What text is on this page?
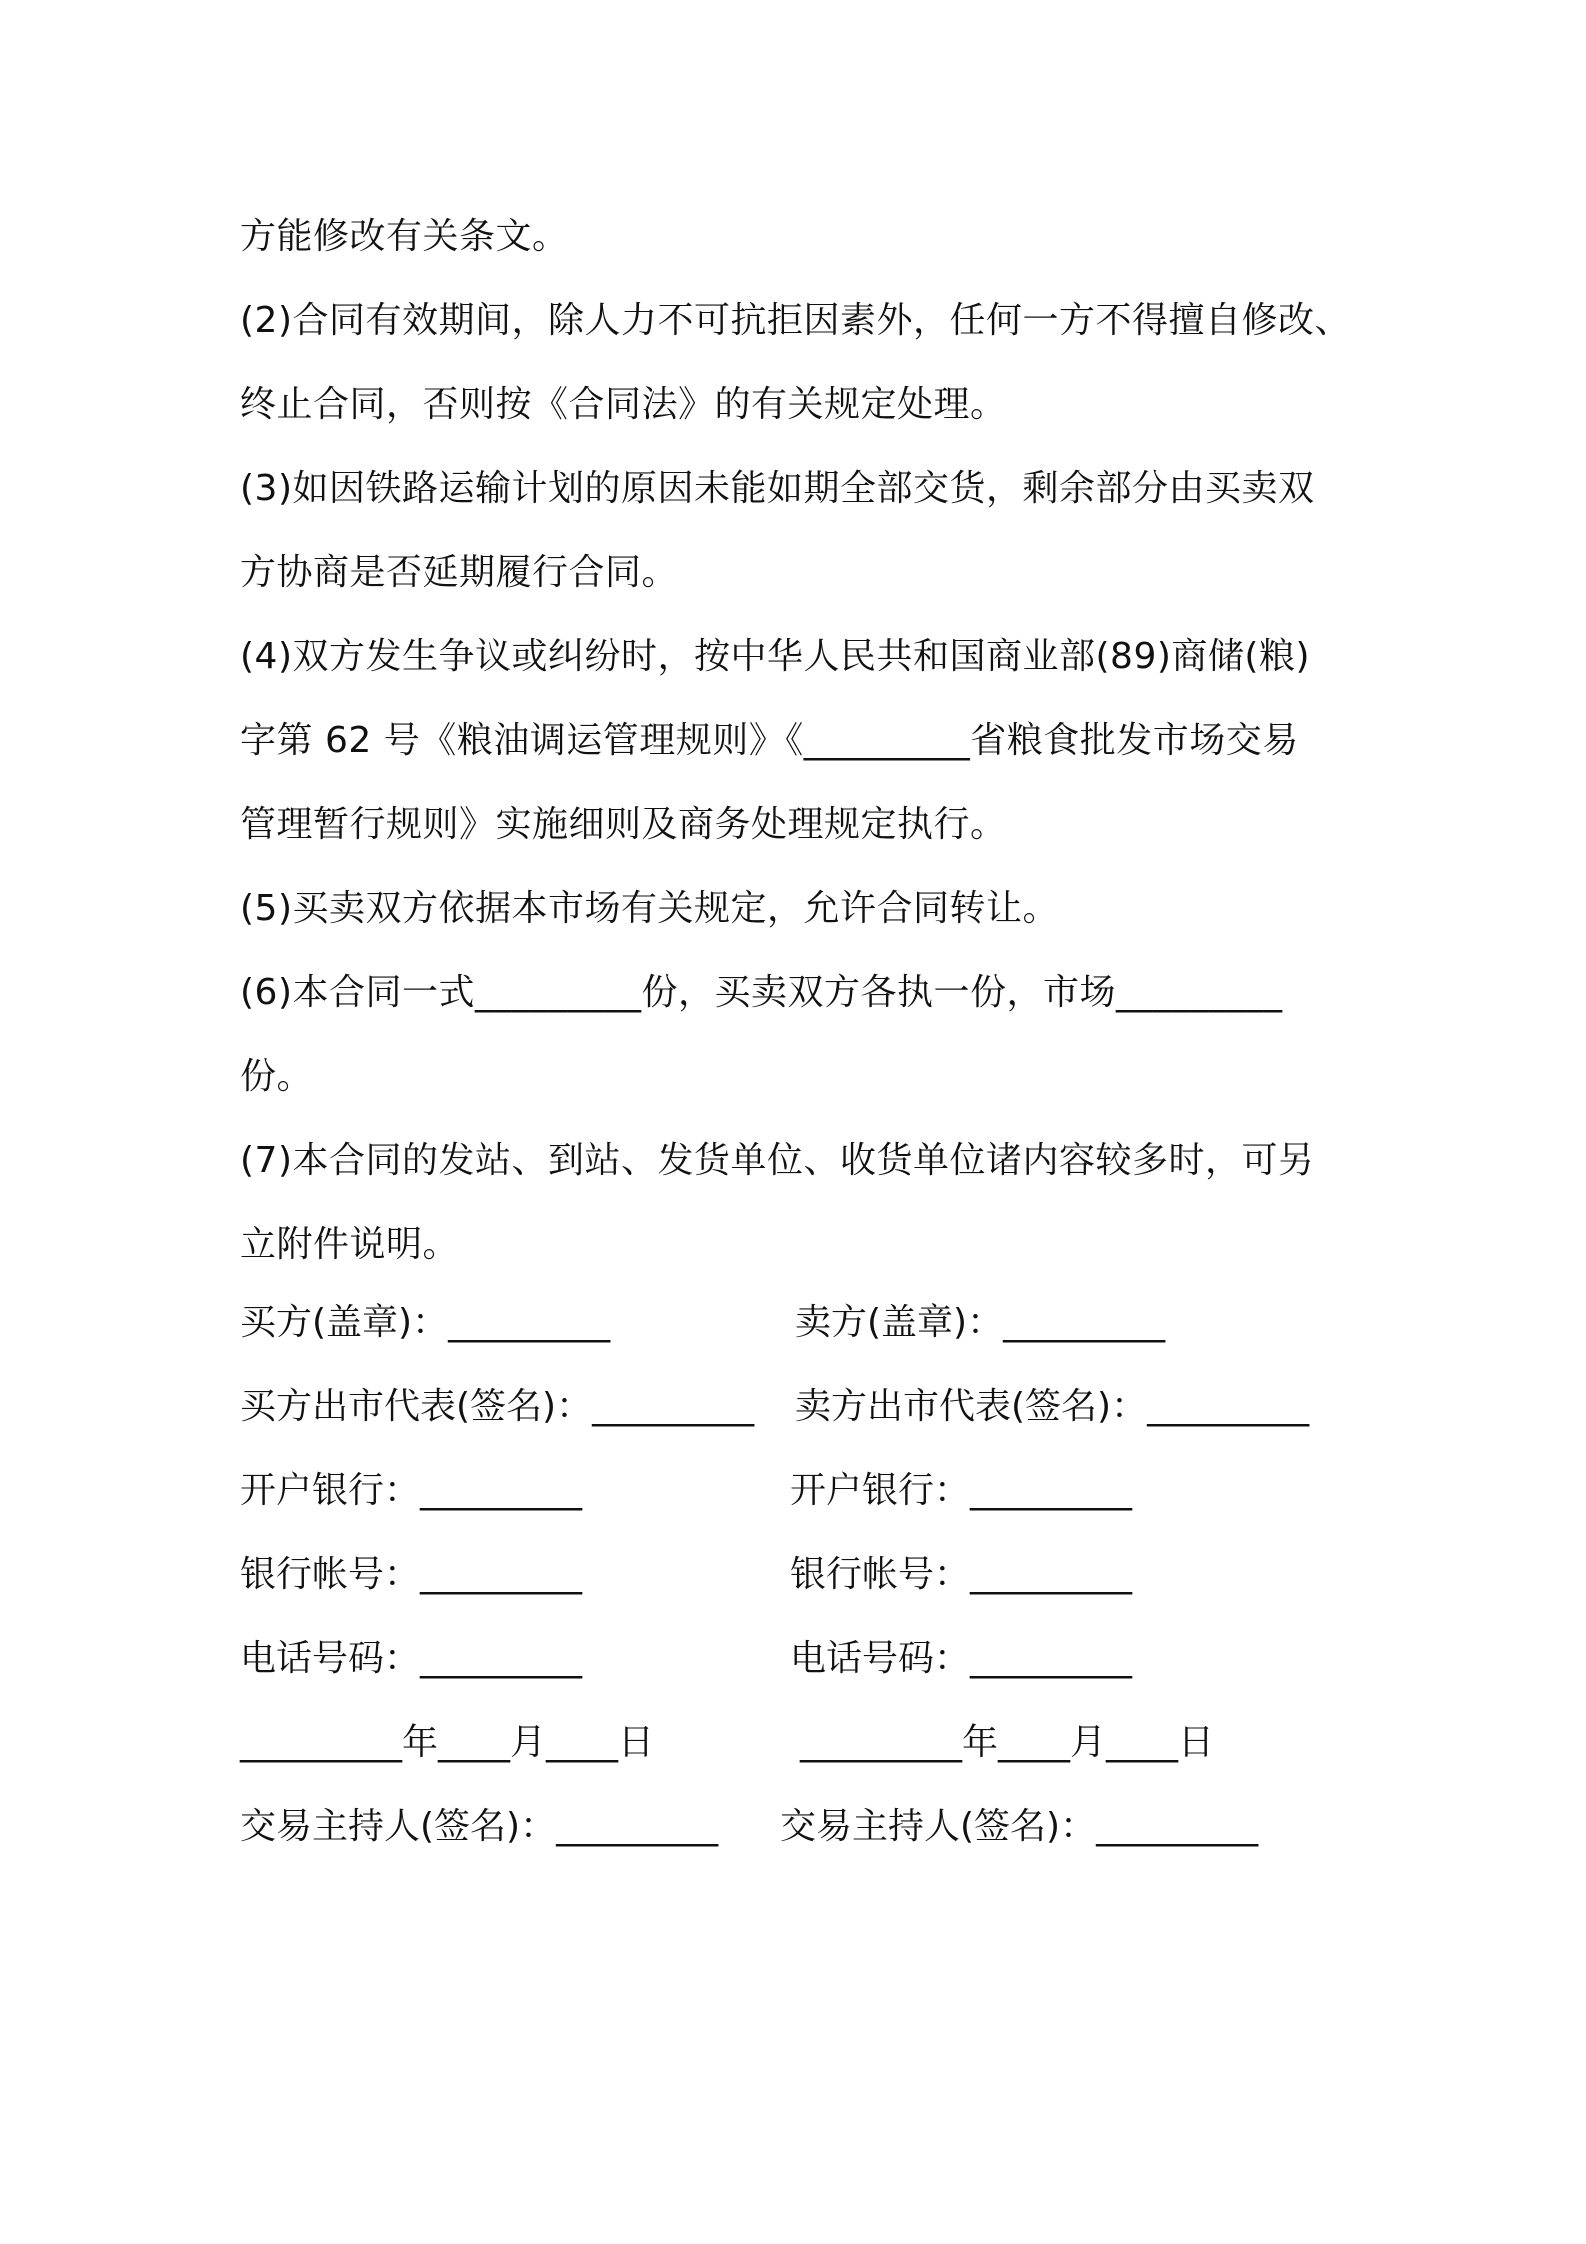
方能修改有关条文。
(2)合同有效期间，除人力不可抗拒因素外，任何一方不得擅自修改、
终止合同，否则按《合同法》的有关规定处理。
(3)如因铁路运输计划的原因未能如期全部交货，剩余部分由买卖双
方协商是否延期履行合同。
(4)双方发生争议或纠纷时，按中华人民共和国商业部(89)商储(粮)
字第 62 号《粮油调运管理规则》《_________省粮食批发市场交易
管理暂行规则》实施细则及商务处理规定执行。
(5)买卖双方依据本市场有关规定，允许合同转让。
(6)本合同一式_________份，买卖双方各执一份，市场_________
份。
(7)本合同的发站、到站、发货单位、收货单位诸内容较多时，可另
立附件说明。
买方(盖章)：_________	卖方(盖章)：_________
买方出市代表(签名)：_________ 卖方出市代表(签名)：_________
开户银行：_________	开户银行：_________
银行帐号：_________	银行帐号：_________
电话号码：_________	电话号码：_________
_________年____月____日	_________年____月____日
交易主持人(签名)：_________ 交易主持人(签名)：_________
